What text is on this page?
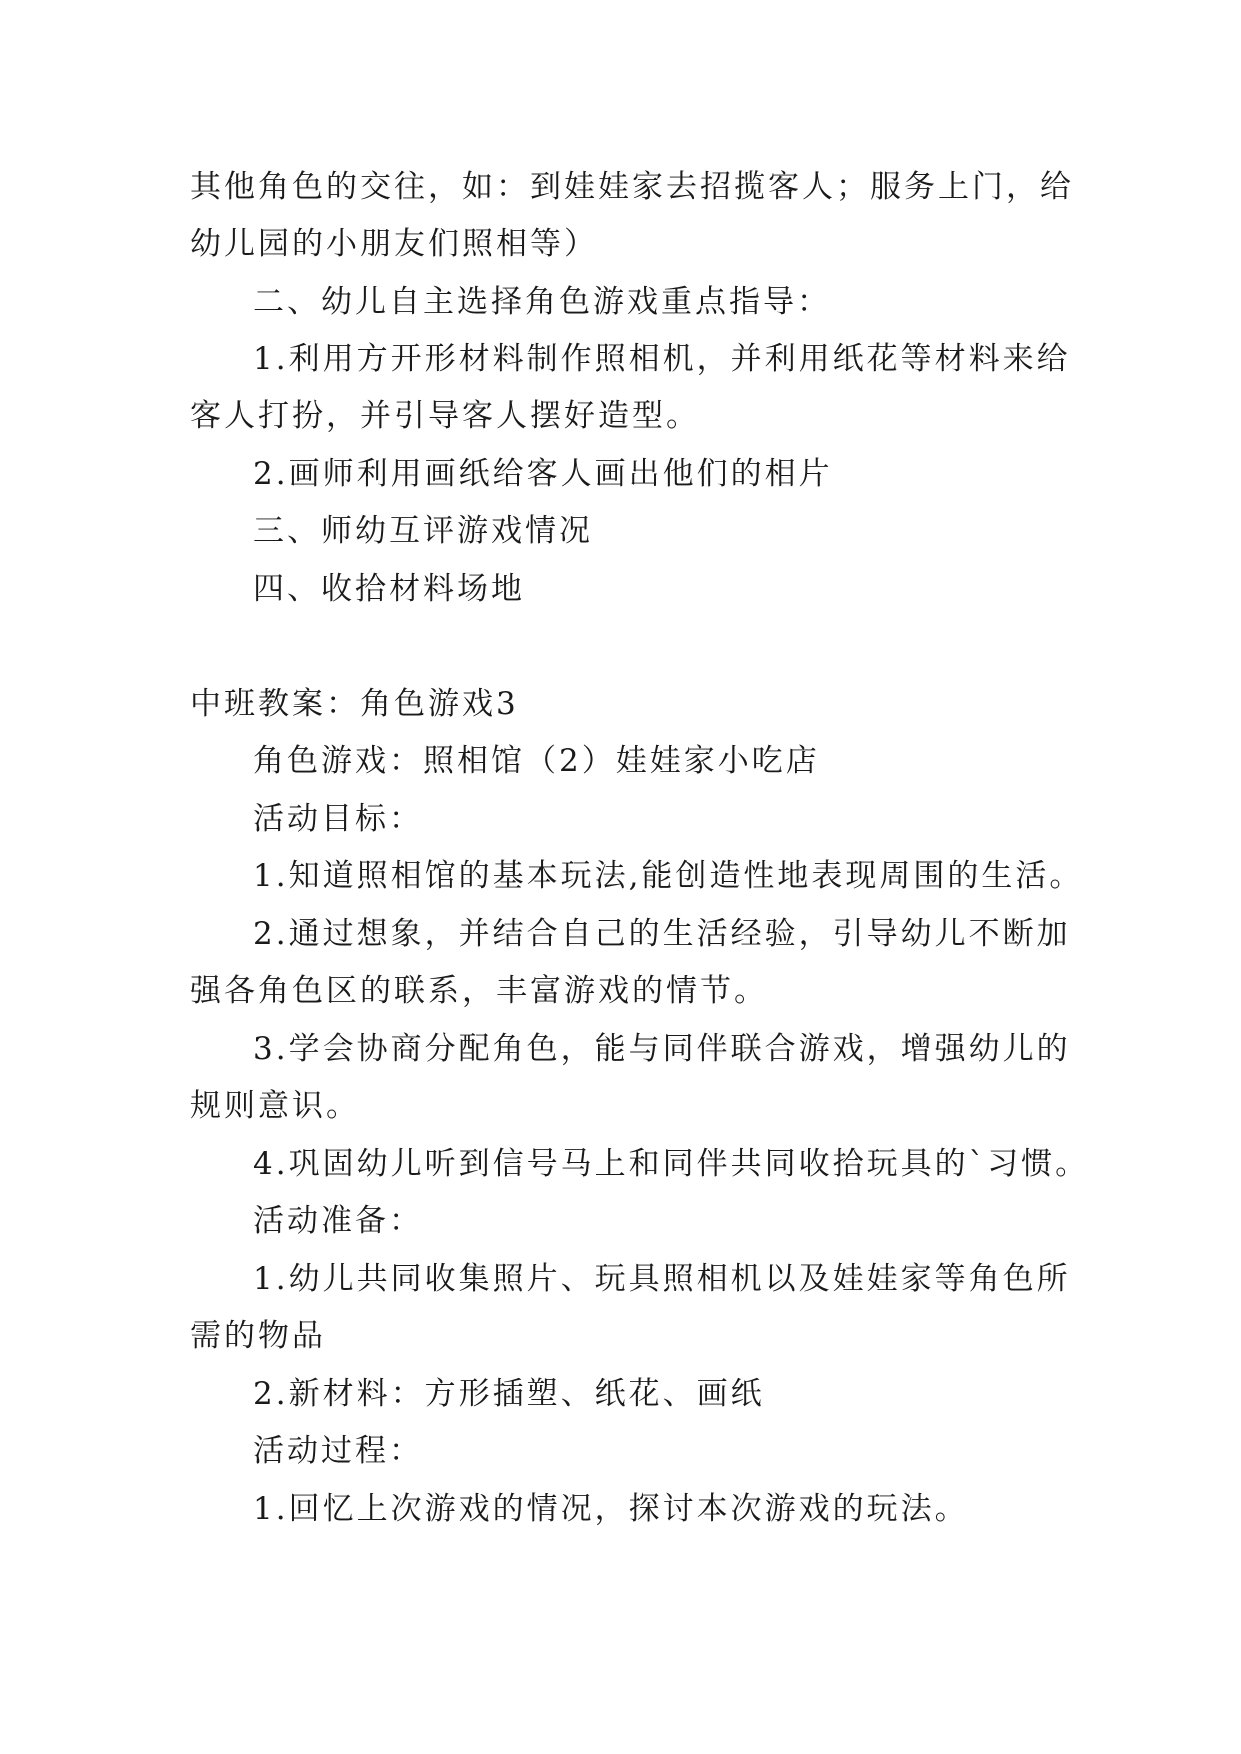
其他角色的交往，如：到娃娃家去招揽客人；服务上门，给
幼儿园的小朋友们照相等）
二、幼儿自主选择角色游戏重点指导：
1.利用方开形材料制作照相机，并利用纸花等材料来给
客人打扮，并引导客人摆好造型。
2.画师利用画纸给客人画出他们的相片
三、师幼互评游戏情况
四、收拾材料场地
中班教案：角色游戏3
角色游戏：照相馆（2）娃娃家小吃店
活动目标：
1.知道照相馆的基本玩法,能创造性地表现周围的生活。
2.通过想象，并结合自己的生活经验，引导幼儿不断加
强各角色区的联系，丰富游戏的情节。
3.学会协商分配角色，能与同伴联合游戏，增强幼儿的
规则意识。
4.巩固幼儿听到信号马上和同伴共同收拾玩具的`习惯。
活动准备：
1.幼儿共同收集照片、玩具照相机以及娃娃家等角色所
需的物品
2.新材料：方形插塑、纸花、画纸
活动过程：
1.回忆上次游戏的情况，探讨本次游戏的玩法。
